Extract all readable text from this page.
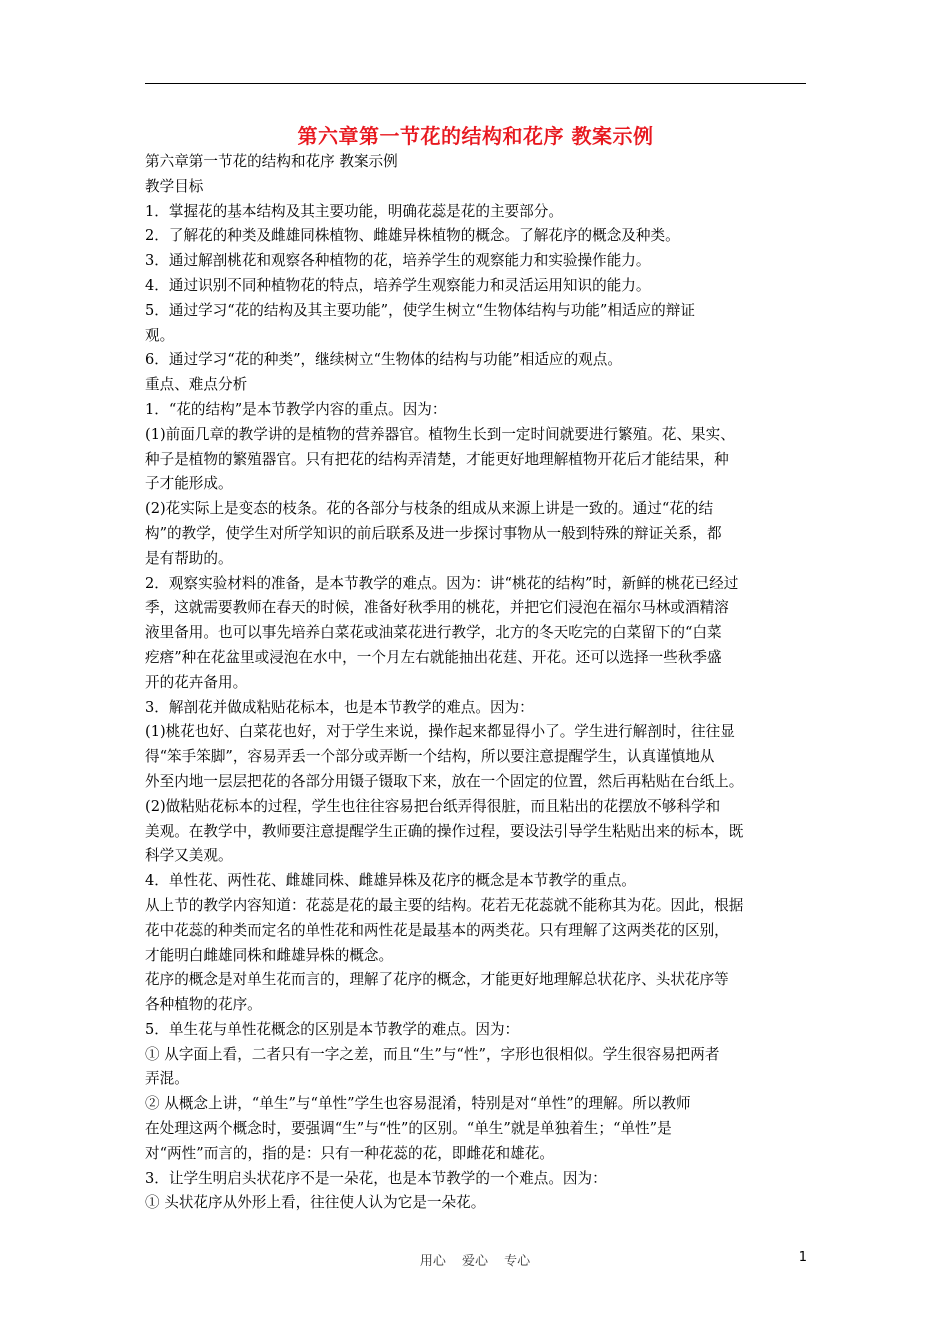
第六章第一节花的结构和花序 教案示例
第六章第一节花的结构和花序 教案示例
教学目标
1．掌握花的基本结构及其主要功能，明确花蕊是花的主要部分。
2．了解花的种类及雌雄同株植物、雌雄异株植物的概念。了解花序的概念及种类。
3．通过解剖桃花和观察各种植物的花，培养学生的观察能力和实验操作能力。
4．通过识别不同种植物花的特点，培养学生观察能力和灵活运用知识的能力。
5．通过学习“花的结构及其主要功能”，使学生树立“生物体结构与功能”相适应的辩证
观。
6．通过学习“花的种类”，继续树立“生物体的结构与功能”相适应的观点。
重点、难点分析
1．“花的结构”是本节教学内容的重点。因为：
(1)前面几章的教学讲的是植物的营养器官。植物生长到一定时间就要进行繁殖。花、果实、
种子是植物的繁殖器官。只有把花的结构弄清楚，才能更好地理解植物开花后才能结果，种
子才能形成。
(2)花实际上是变态的枝条。花的各部分与枝条的组成从来源上讲是一致的。通过“花的结
构”的教学，使学生对所学知识的前后联系及进一步探讨事物从一般到特殊的辩证关系，都
是有帮助的。
2．观察实验材料的准备，是本节教学的难点。因为：讲“桃花的结构”时，新鲜的桃花已经过
季，这就需要教师在春天的时候，准备好秋季用的桃花，并把它们浸泡在福尔马林或酒精溶
液里备用。也可以事先培养白菜花或油菜花进行教学，北方的冬天吃完的白菜留下的“白菜
疙瘩”种在花盆里或浸泡在水中，一个月左右就能抽出花莛、开花。还可以选择一些秋季盛
开的花卉备用。
3．解剖花并做成粘贴花标本，也是本节教学的难点。因为：
(1)桃花也好、白菜花也好，对于学生来说，操作起来都显得小了。学生进行解剖时，往往显
得“笨手笨脚”，容易弄丢一个部分或弄断一个结构，所以要注意提醒学生，认真谨慎地从
外至内地一层层把花的各部分用镊子镊取下来，放在一个固定的位置，然后再粘贴在台纸上。
(2)做粘贴花标本的过程，学生也往往容易把台纸弄得很脏，而且粘出的花摆放不够科学和
美观。在教学中，教师要注意提醒学生正确的操作过程，要设法引导学生粘贴出来的标本，既
科学又美观。
4．单性花、两性花、雌雄同株、雌雄异株及花序的概念是本节教学的重点。
从上节的教学内容知道：花蕊是花的最主要的结构。花若无花蕊就不能称其为花。因此，根据
花中花蕊的种类而定名的单性花和两性花是最基本的两类花。只有理解了这两类花的区别，
才能明白雌雄同株和雌雄异株的概念。
花序的概念是对单生花而言的，理解了花序的概念，才能更好地理解总状花序、头状花序等
各种植物的花序。
5．单生花与单性花概念的区别是本节教学的难点。因为：
① 从字面上看，二者只有一字之差，而且“生”与“性”，字形也很相似。学生很容易把两者
弄混。
② 从概念上讲，“单生”与“单性”学生也容易混淆，特别是对“单性”的理解。所以教师
在处理这两个概念时，要强调“生”与“性”的区别。“单生”就是单独着生；“单性”是
对“两性”而言的，指的是：只有一种花蕊的花，即雌花和雄花。
3．让学生明启头状花序不是一朵花，也是本节教学的一个难点。因为：
① 头状花序从外形上看，往往使人认为它是一朵花。
用心 爱心 专心	1
